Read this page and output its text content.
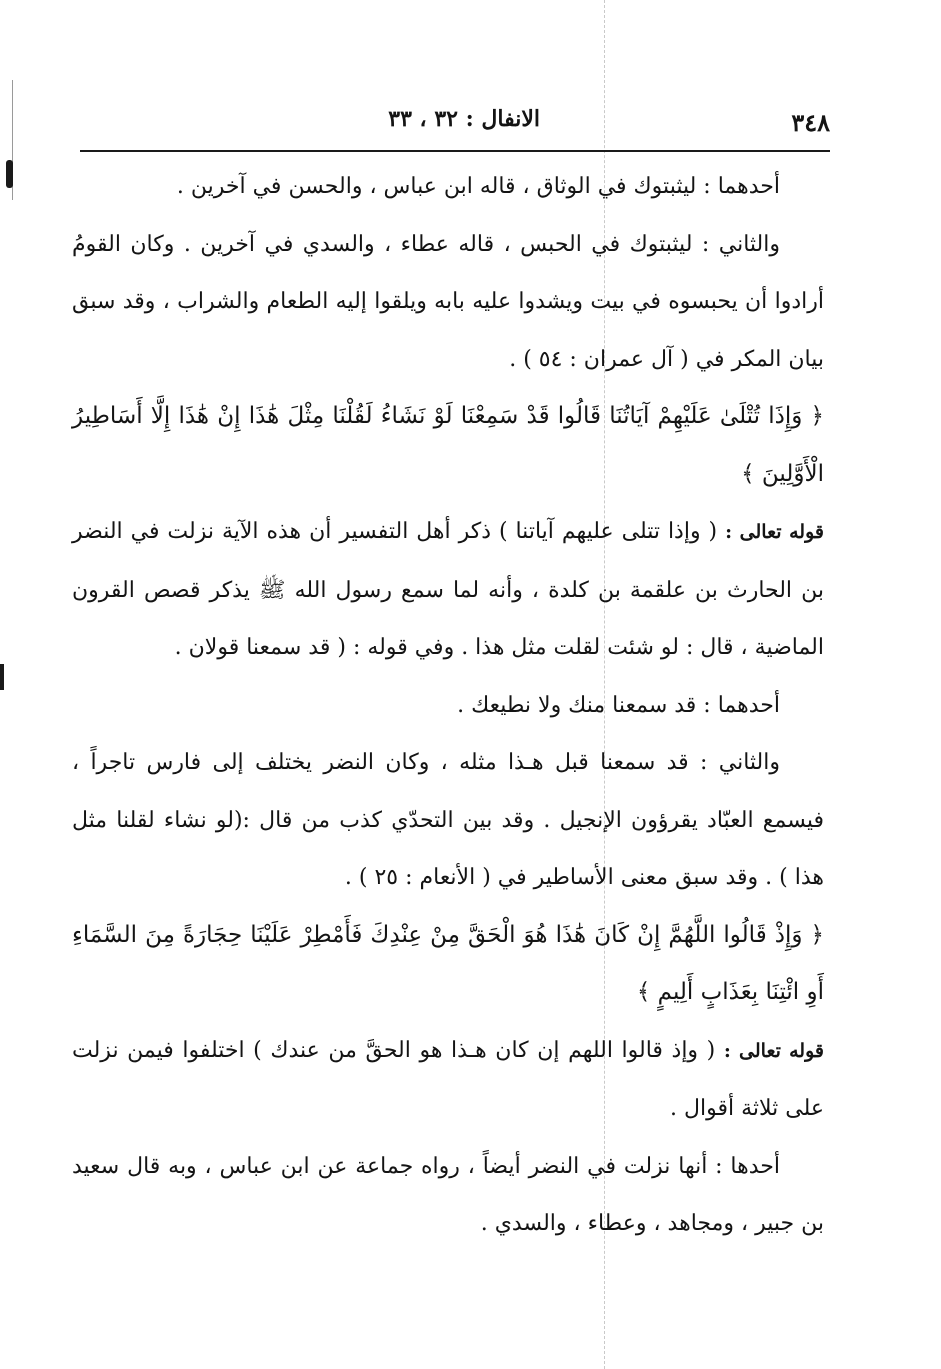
٣٤٨
الانفال : ٣٢ ، ٣٣

أحدهما : ليثبتوك في الوثاق ، قاله ابن عباس ، والحسن في آخرين .

والثاني : ليثبتوك في الحبس ، قاله عطاء ، والسدي في آخرين . وكان القومُ أرادوا أن يحبسوه في بيت ويشدوا عليه بابه ويلقوا إليه الطعام والشراب ، وقد سبق بيان المكر في ( آل عمران : ٥٤ ) .

﴿ وَإِذَا تُتْلَىٰ عَلَيْهِمْ آيَاتُنَا قَالُوا قَدْ سَمِعْنَا لَوْ نَشَاءُ لَقُلْنَا مِثْلَ هَٰذَا إِنْ هَٰذَا إِلَّا أَسَاطِيرُ الْأَوَّلِينَ ﴾

قوله تعالى : ( وإذا تتلى عليهم آياتنا ) ذكر أهل التفسير أن هذه الآية نزلت في النضر بن الحارث بن علقمة بن كلدة ، وأنه لما سمع رسول الله ﷺ يذكر قصص القرون الماضية ، قال : لو شئت لقلت مثل هذا . وفي قوله : ( قد سمعنا قولان .

أحدهما : قد سمعنا منك ولا نطيعك .

والثاني : قد سمعنا قبل هـذا مثله ، وكان النضر يختلف إلى فارس تاجراً ، فيسمع العبّاد يقرؤون الإنجيل . وقد بين التحدّي كذب من قال :(لو نشاء لقلنا مثل هذا ) . وقد سبق معنى الأساطير في ( الأنعام : ٢٥ ) .

﴿ وَإِذْ قَالُوا اللَّهُمَّ إِنْ كَانَ هَٰذَا هُوَ الْحَقَّ مِنْ عِنْدِكَ فَأَمْطِرْ عَلَيْنَا حِجَارَةً مِنَ السَّمَاءِ أَوِ ائْتِنَا بِعَذَابٍ أَلِيمٍ ﴾

قوله تعالى : ( وإذ قالوا اللهم إن كان هـذا هو الحقَّ من عندك ) اختلفوا فيمن نزلت على ثلاثة أقوال .

أحدها : أنها نزلت في النضر أيضاً ، رواه جماعة عن ابن عباس ، وبه قال سعيد بن جبير ، ومجاهد ، وعطاء ، والسدي .
